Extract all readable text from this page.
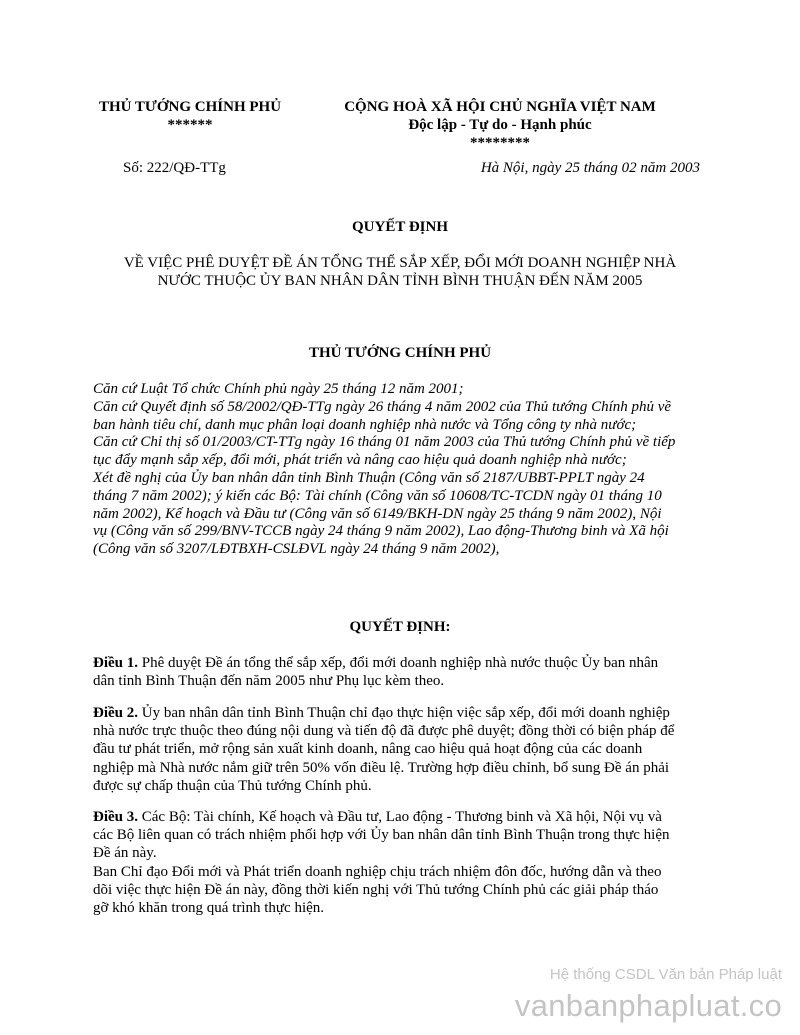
THỦ TƯỚNG CHÍNH PHỦ
******
CỘNG HOÀ XÃ HỘI CHỦ NGHĨA VIỆT NAM
Độc lập - Tự do - Hạnh phúc
********
Số: 222/QĐ-TTg	Hà Nội, ngày 25 tháng 02 năm 2003
QUYẾT ĐỊNH
VỀ VIỆC PHÊ DUYỆT ĐỀ ÁN TỔNG THỂ SẮP XẾP, ĐỔI MỚI DOANH NGHIỆP NHÀ
NƯỚC THUỘC ỦY BAN NHÂN DÂN TỈNH BÌNH THUẬN ĐẾN NĂM 2005
THỦ TƯỚNG CHÍNH PHỦ
Căn cứ Luật Tổ chức Chính phủ ngày 25 tháng 12 năm 2001;
Căn cứ Quyết định số 58/2002/QĐ-TTg ngày 26 tháng 4 năm 2002 của Thủ tướng Chính phủ về
ban hành tiêu chí, danh mục phân loại doanh nghiệp nhà nước và Tổng công ty nhà nước;
Căn cứ Chỉ thị số 01/2003/CT-TTg ngày 16 tháng 01 năm 2003 của Thủ tướng Chính phủ về tiếp
tục đẩy mạnh sắp xếp, đổi mới, phát triển và nâng cao hiệu quả doanh nghiệp nhà nước;
Xét đề nghị của Ủy ban nhân dân tỉnh Bình Thuận (Công văn số 2187/UBBT-PPLT ngày 24
tháng 7 năm 2002); ý kiến các Bộ: Tài chính (Công văn số 10608/TC-TCDN ngày 01 tháng 10
năm 2002), Kế hoạch và Đầu tư (Công văn số 6149/BKH-DN ngày 25 tháng 9 năm 2002), Nội
vụ (Công văn số 299/BNV-TCCB ngày 24 tháng 9 năm 2002), Lao động-Thương binh và Xã hội
(Công văn số 3207/LĐTBXH-CSLĐVL ngày 24 tháng 9 năm 2002),
QUYẾT ĐỊNH:
Điều 1. Phê duyệt Đề án tổng thể sắp xếp, đổi mới doanh nghiệp nhà nước thuộc Ủy ban nhân
dân tỉnh Bình Thuận đến năm 2005 như Phụ lục kèm theo.
Điều 2. Ủy ban nhân dân tỉnh Bình Thuận chỉ đạo thực hiện việc sắp xếp, đổi mới doanh nghiệp
nhà nước trực thuộc theo đúng nội dung và tiến độ đã được phê duyệt; đồng thời có biện pháp để
đầu tư phát triển, mở rộng sản xuất kinh doanh, nâng cao hiệu quả hoạt động của các doanh
nghiệp mà Nhà nước nắm giữ trên 50% vốn điều lệ. Trường hợp điều chỉnh, bổ sung Đề án phải
được sự chấp thuận của Thủ tướng Chính phủ.
Điều 3. Các Bộ: Tài chính, Kế hoạch và Đầu tư, Lao động - Thương binh và Xã hội, Nội vụ và
các Bộ liên quan có trách nhiệm phối hợp với Ủy ban nhân dân tỉnh Bình Thuận trong thực hiện
Đề án này.
Ban Chỉ đạo Đổi mới và Phát triển doanh nghiệp chịu trách nhiệm đôn đốc, hướng dẫn và theo
dõi việc thực hiện Đề án này, đồng thời kiến nghị với Thủ tướng Chính phủ các giải pháp tháo
gỡ khó khăn trong quá trình thực hiện.
Hệ thống CSDL Văn bản Pháp luật
vanbanphapluat.co
